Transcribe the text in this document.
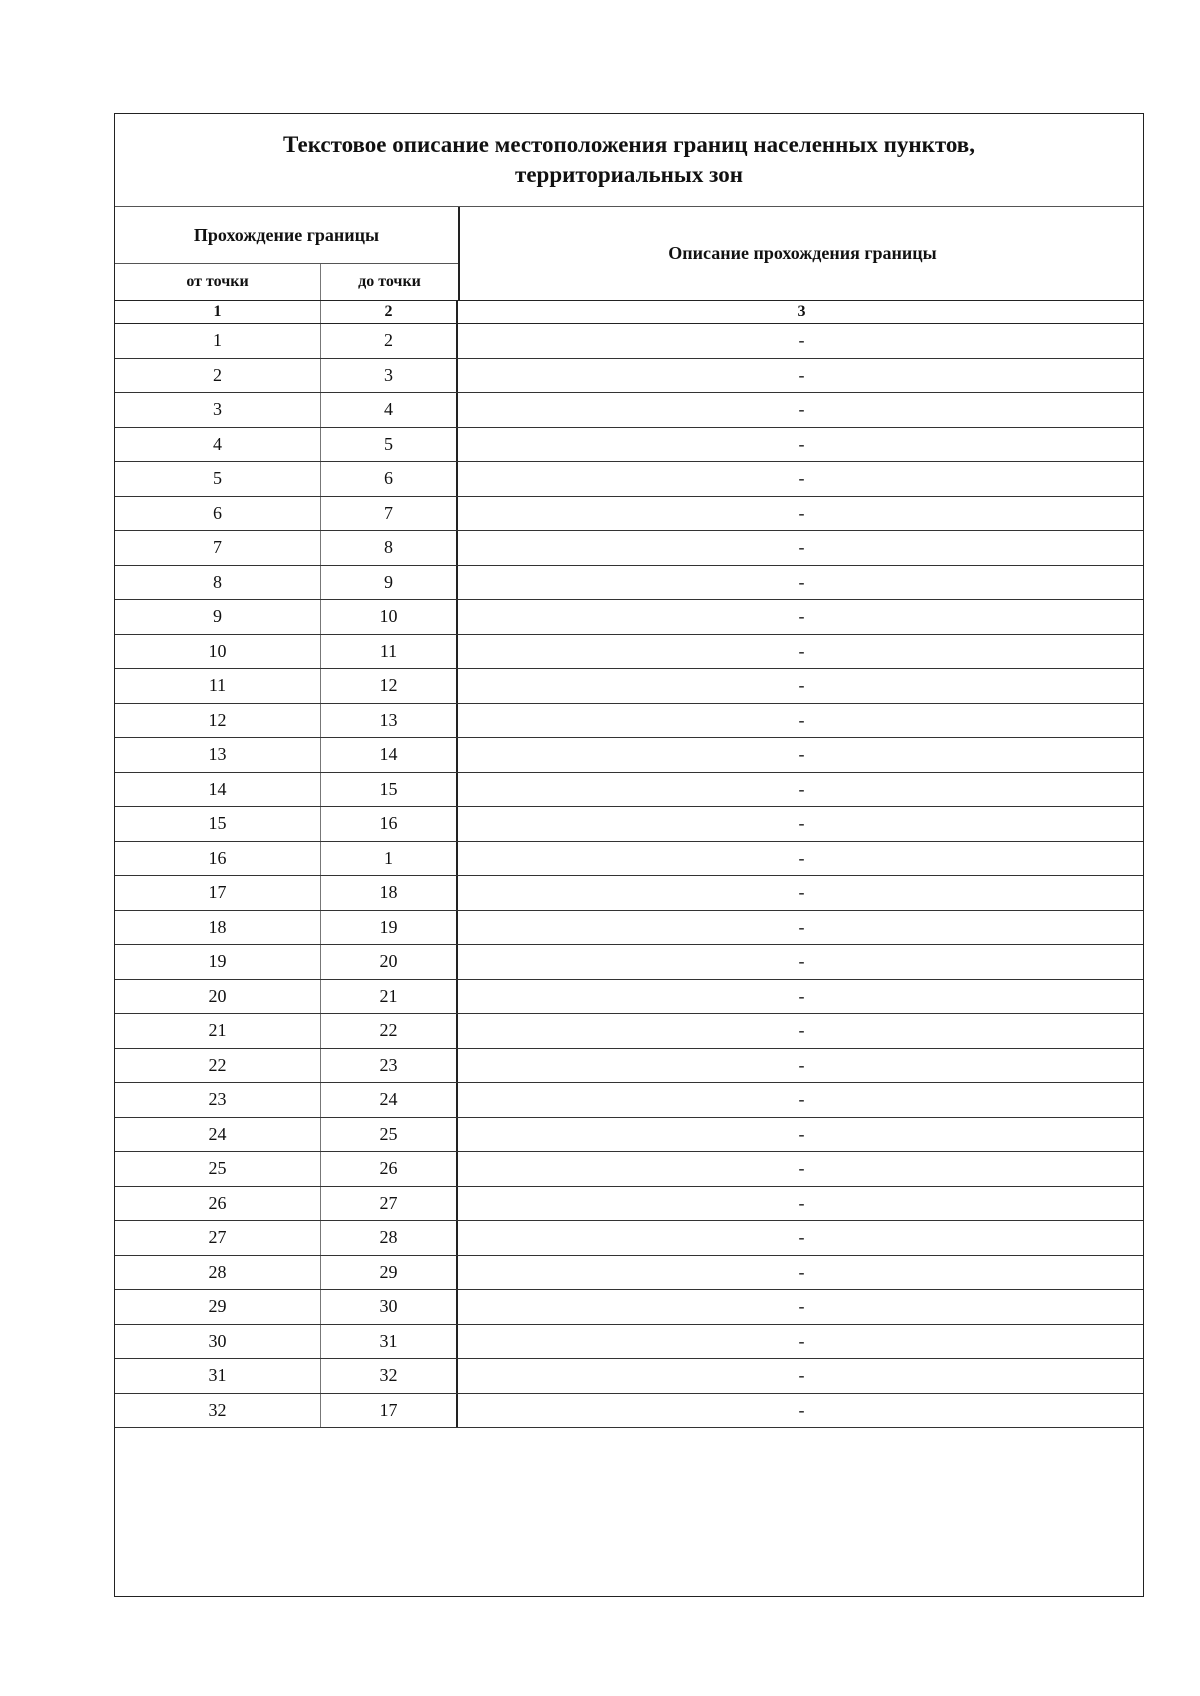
Текстовое описание местоположения границ населенных пунктов,
территориальных зон
Прохождение границы
от точки	до точки
Описание прохождения границы
1	2	3
1	2	-
2	3	-
3	4	-
4	5	-
5	6	-
6	7	-
7	8	-
8	9	-
9	10	-
10	11	-
11	12	-
12	13	-
13	14	-
14	15	-
15	16	-
16	1	-
17	18	-
18	19	-
19	20	-
20	21	-
21	22	-
22	23	-
23	24	-
24	25	-
25	26	-
26	27	-
27	28	-
28	29	-
29	30	-
30	31	-
31	32	-
32	17	-
